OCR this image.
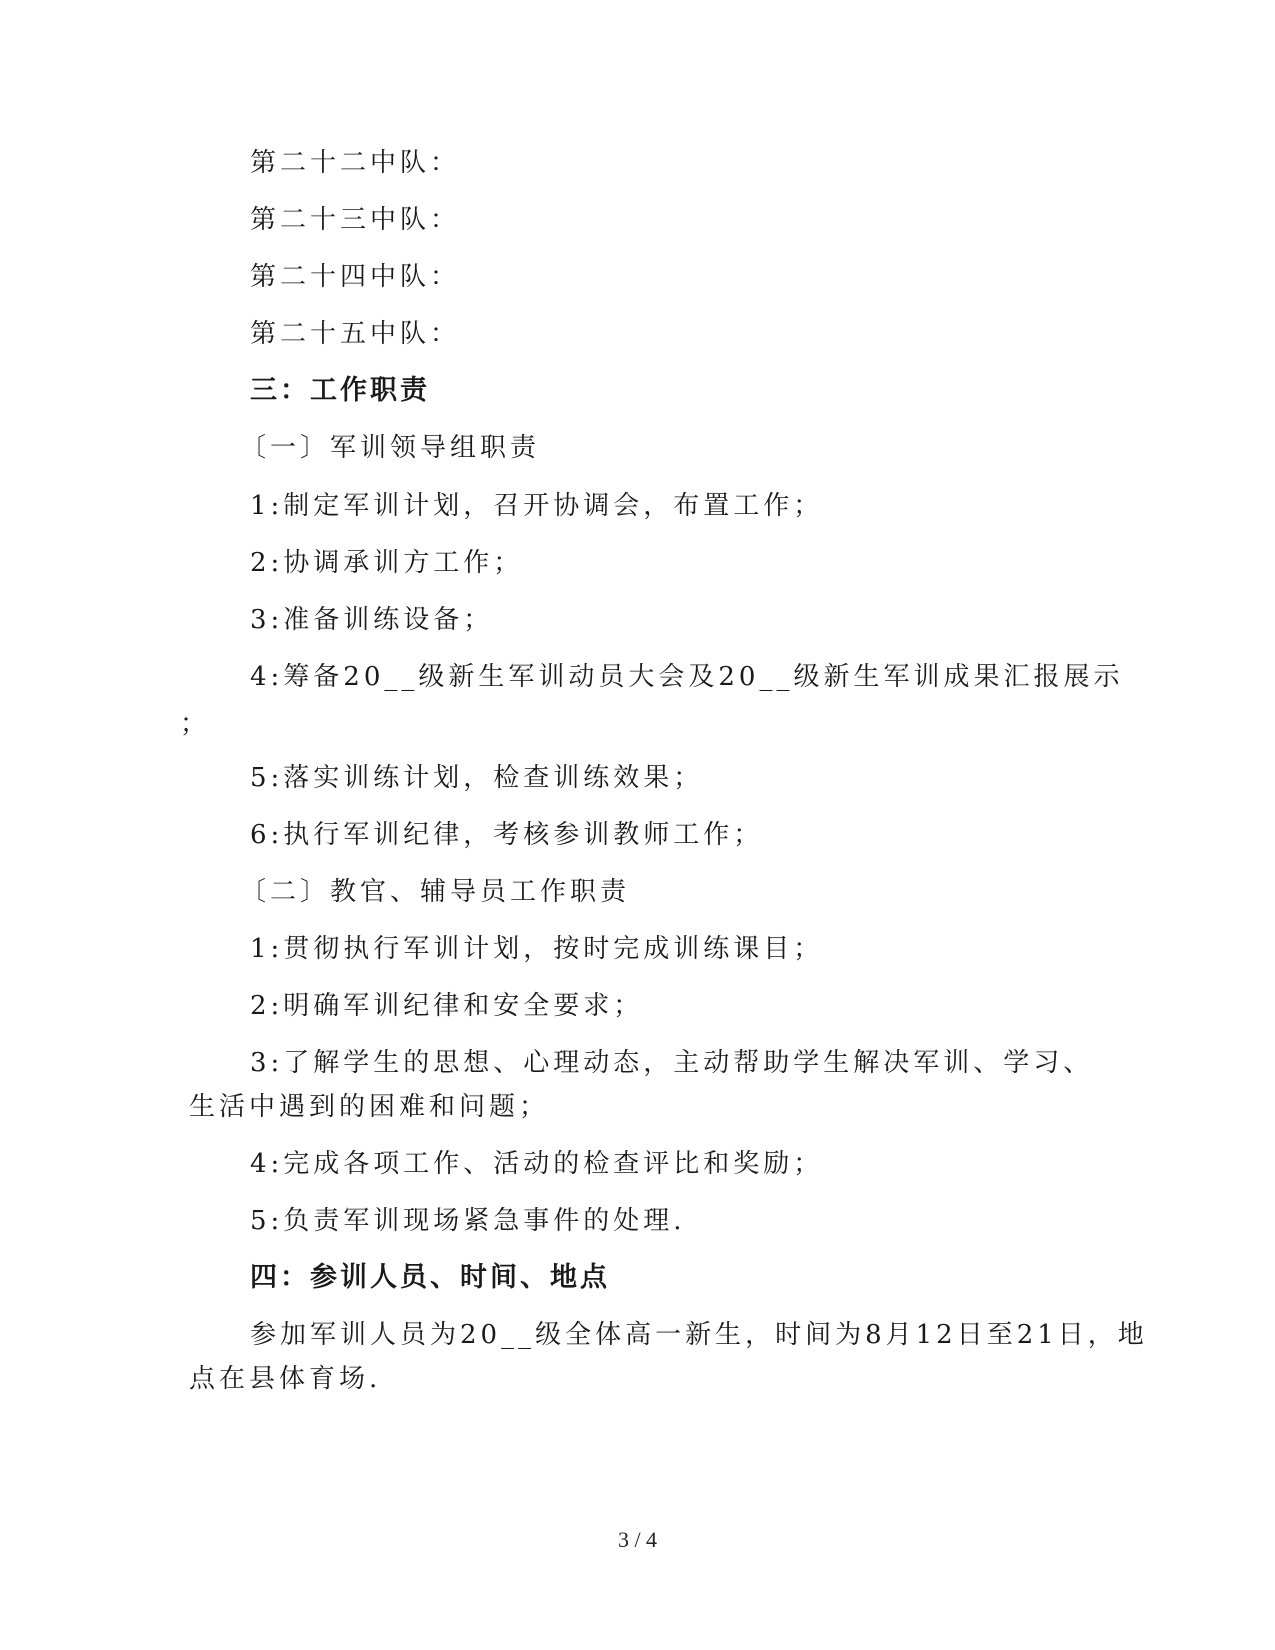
第二十二中队：
第二十三中队：
第二十四中队：
第二十五中队：
三：工作职责
〔一〕军训领导组职责
1:制定军训计划，召开协调会，布置工作；
2:协调承训方工作；
3:准备训练设备；
4:筹备20__级新生军训动员大会及20__级新生军训成果汇报展示
；
5:落实训练计划，检查训练效果；
6:执行军训纪律，考核参训教师工作；
〔二〕教官、辅导员工作职责
1:贯彻执行军训计划，按时完成训练课目；
2:明确军训纪律和安全要求；
3:了解学生的思想、心理动态，主动帮助学生解决军训、学习、
生活中遇到的困难和问题；
4:完成各项工作、活动的检查评比和奖励；
5:负责军训现场紧急事件的处理.
四：参训人员、时间、地点
参加军训人员为20__级全体高一新生，时间为8月12日至21日，地
点在县体育场.
3 / 4
